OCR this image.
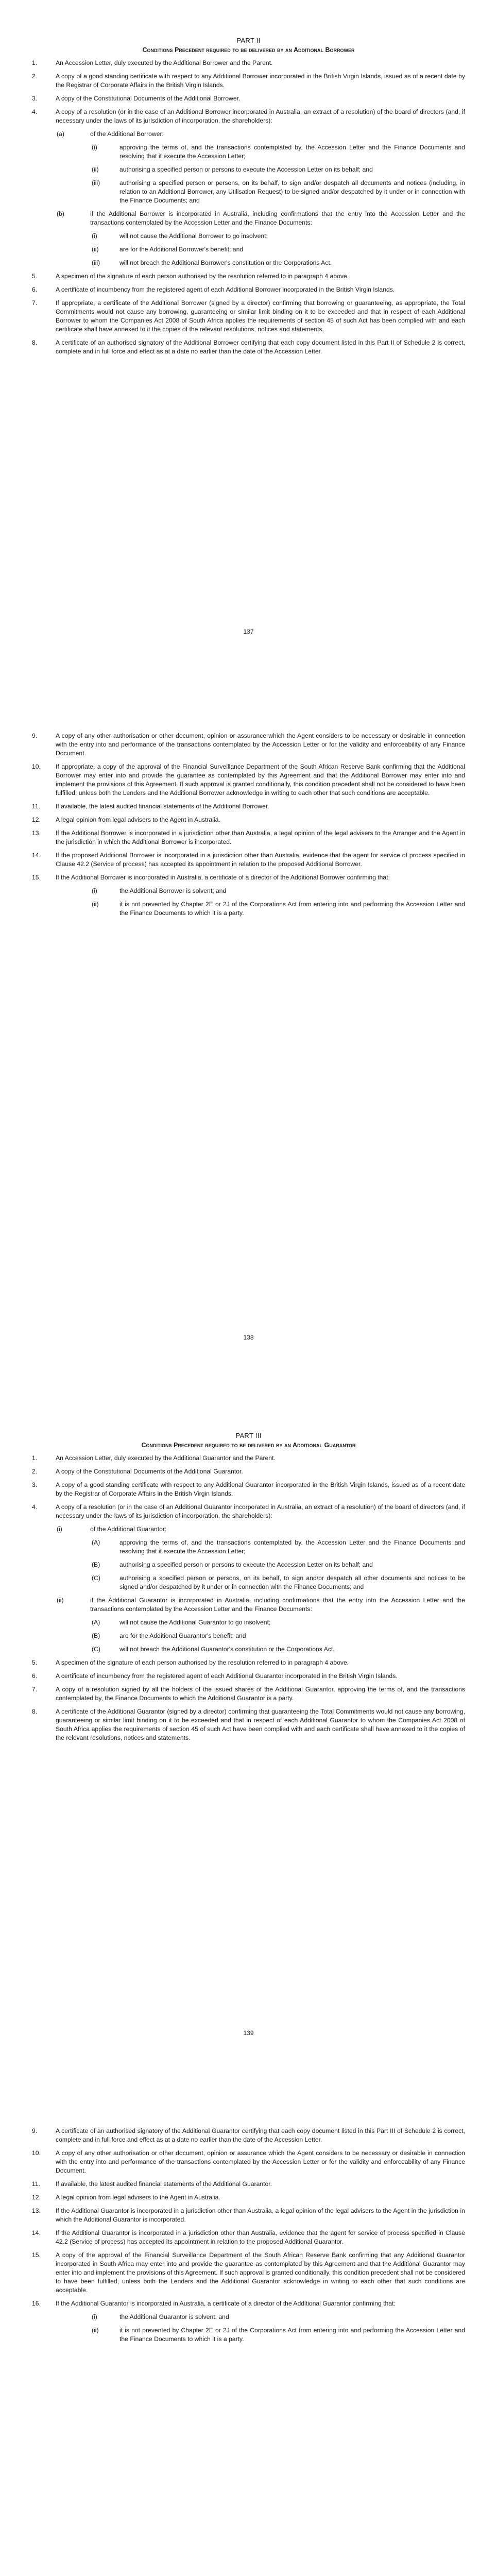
PART II

Conditions Precedent required to be delivered by an Additional Borrower

1.	An Accession Letter, duly executed by the Additional Borrower and the Parent.
2.	A copy of a good standing certificate with respect to any Additional Borrower incorporated in the British Virgin Islands, issued as of a recent date by the Registrar of Corporate Affairs in the British Virgin Islands.
3.	A copy of the Constitutional Documents of the Additional Borrower.
4.	A copy of a resolution (or in the case of an Additional Borrower incorporated in Australia, an extract of a resolution) of the board of directors (and, if necessary under the laws of its jurisdiction of incorporation, the shareholders):
(a)	of the Additional Borrower:
(i)	approving the terms of, and the transactions contemplated by, the Accession Letter and the Finance Documents and resolving that it execute the Accession Letter;
(ii)	authorising a specified person or persons to execute the Accession Letter on its behalf; and
(iii)	authorising a specified person or persons, on its behalf, to sign and/or despatch all documents and notices (including, in relation to an Additional Borrower, any Utilisation Request) to be signed and/or despatched by it under or in connection with the Finance Documents; and
(b)	if the Additional Borrower is incorporated in Australia, including confirmations that the entry into the Accession Letter and the transactions contemplated by the Accession Letter and the Finance Documents:
(i)	will not cause the Additional Borrower to go insolvent;
(ii)	are for the Additional Borrower's benefit; and
(iii)	will not breach the Additional Borrower's constitution or the Corporations Act.
5.	A specimen of the signature of each person authorised by the resolution referred to in paragraph 4 above.
6.	A certificate of incumbency from the registered agent of each Additional Borrower incorporated in the British Virgin Islands.
7.	If appropriate, a certificate of the Additional Borrower (signed by a director) confirming that borrowing or guaranteeing, as appropriate, the Total Commitments would not cause any borrowing, guaranteeing or similar limit binding on it to be exceeded and that in respect of each Additional Borrower to whom the Companies Act 2008 of South Africa applies the requirements of section 45 of such Act has been complied with and each certificate shall have annexed to it the copies of the relevant resolutions, notices and statements.
8.	A certificate of an authorised signatory of the Additional Borrower certifying that each copy document listed in this Part II of Schedule 2 is correct, complete and in full force and effect as at a date no earlier than the date of the Accession Letter.
137
9.	A copy of any other authorisation or other document, opinion or assurance which the Agent considers to be necessary or desirable in connection with the entry into and performance of the transactions contemplated by the Accession Letter or for the validity and enforceability of any Finance Document.
10. If appropriate, a copy of the approval of the Financial Surveillance Department of the South African Reserve Bank confirming that the Additional Borrower may enter into and provide the guarantee as contemplated by this Agreement and that the Additional Borrower may enter into and implement the provisions of this Agreement. If such approval is granted conditionally, this condition precedent shall not be considered to have been fulfilled, unless both the Lenders and the Additional Borrower acknowledge in writing to each other that such conditions are acceptable.
11. If available, the latest audited financial statements of the Additional Borrower.
12. A legal opinion from legal advisers to the Agent in Australia.
13. If the Additional Borrower is incorporated in a jurisdiction other than Australia, a legal opinion of the legal advisers to the Arranger and the Agent in the jurisdiction in which the Additional Borrower is incorporated.
14. If the proposed Additional Borrower is incorporated in a jurisdiction other than Australia, evidence that the agent for service of process specified in Clause 42.2 (Service of process) has accepted its appointment in relation to the proposed Additional Borrower.
15. If the Additional Borrower is incorporated in Australia, a certificate of a director of the Additional Borrower confirming that:
(i)	the Additional Borrower is solvent; and
(ii)	it is not prevented by Chapter 2E or 2J of the Corporations Act from entering into and performing the Accession Letter and the Finance Documents to which it is a party.
138

PART III

Conditions Precedent required to be delivered by an Additional Guarantor

1.	An Accession Letter, duly executed by the Additional Guarantor and the Parent.
2.	A copy of the Constitutional Documents of the Additional Guarantor.
3.	A copy of a good standing certificate with respect to any Additional Guarantor incorporated in the British Virgin Islands, issued as of a recent date by the Registrar of Corporate Affairs in the British Virgin Islands.
4.	A copy of a resolution (or in the case of an Additional Guarantor incorporated in Australia, an extract of a resolution) of the board of directors (and, if necessary under the laws of its jurisdiction of incorporation, the shareholders):
(i)	of the Additional Guarantor:
(A)	approving the terms of, and the transactions contemplated by, the Accession Letter and the Finance Documents and resolving that it execute the Accession Letter;
(B)	authorising a specified person or persons to execute the Accession Letter on its behalf; and
(C)	authorising a specified person or persons, on its behalf, to sign and/or despatch all other documents and notices to be signed and/or despatched by it under or in connection with the Finance Documents; and
(ii)	if the Additional Guarantor is incorporated in Australia, including confirmations that the entry into the Accession Letter and the transactions contemplated by the Accession Letter and the Finance Documents:
(A)	will not cause the Additional Guarantor to go insolvent;
(B)	are for the Additional Guarantor's benefit; and
(C)	will not breach the Additional Guarantor's constitution or the Corporations Act.
5.	A specimen of the signature of each person authorised by the resolution referred to in paragraph 4 above.
6.	A certificate of incumbency from the registered agent of each Additional Guarantor incorporated in the British Virgin Islands.
7.	A copy of a resolution signed by all the holders of the issued shares of the Additional Guarantor, approving the terms of, and the transactions contemplated by, the Finance Documents to which the Additional Guarantor is a party.
8.	A certificate of the Additional Guarantor (signed by a director) confirming that guaranteeing the Total Commitments would not cause any borrowing, guaranteeing or similar limit binding on it to be exceeded and that in respect of each Additional Guarantor to whom the Companies Act 2008 of South Africa applies the requirements of section 45 of such Act have been complied with and each certificate shall have annexed to it the copies of the relevant resolutions, notices and statements.
139
9.	A certificate of an authorised signatory of the Additional Guarantor certifying that each copy document listed in this Part III of Schedule 2 is correct, complete and in full force and effect as at a date no earlier than the date of the Accession Letter.
10. A copy of any other authorisation or other document, opinion or assurance which the Agent considers to be necessary or desirable in connection with the entry into and performance of the transactions contemplated by the Accession Letter or for the validity and enforceability of any Finance Document.
11. If available, the latest audited financial statements of the Additional Guarantor.
12. A legal opinion from legal advisers to the Agent in Australia.
13. If the Additional Guarantor is incorporated in a jurisdiction other than Australia, a legal opinion of the legal advisers to the Agent in the jurisdiction in which the Additional Guarantor is incorporated.
14. If the Additional Guarantor is incorporated in a jurisdiction other than Australia, evidence that the agent for service of process specified in Clause 42.2 (Service of process) has accepted its appointment in relation to the proposed Additional Guarantor.
15. A copy of the approval of the Financial Surveillance Department of the South African Reserve Bank confirming that any Additional Guarantor incorporated in South Africa may enter into and provide the guarantee as contemplated by this Agreement and that the Additional Guarantor may enter into and implement the provisions of this Agreement. If such approval is granted conditionally, this condition precedent shall not be considered to have been fulfilled, unless both the Lenders and the Additional Guarantor acknowledge in writing to each other that such conditions are acceptable.
16. If the Additional Guarantor is incorporated in Australia, a certificate of a director of the Additional Guarantor confirming that:
(i)	the Additional Guarantor is solvent; and
(ii)	it is not prevented by Chapter 2E or 2J of the Corporations Act from entering into and performing the Accession Letter and the Finance Documents to which it is a party.
